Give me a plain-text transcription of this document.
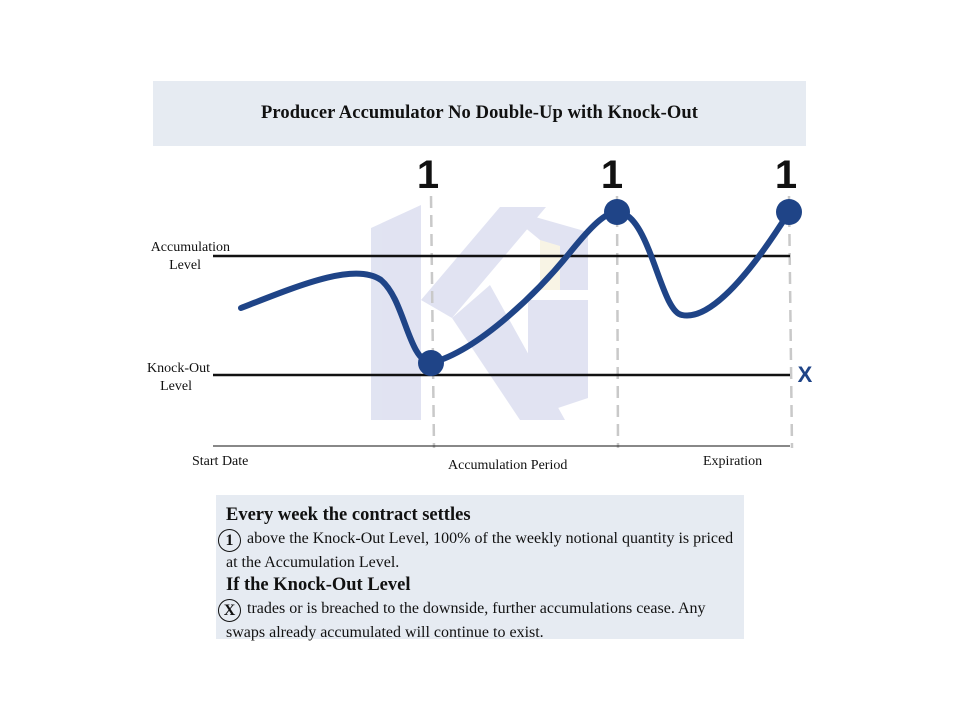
Producer Accumulator No Double-Up with Knock-Out
1	1	1
X
Accumulation
Level
Knock-Out
Level
Start Date	Accumulation Period	Expiration
Every week the contract settles

1 above the Knock-Out Level, 100% of the weekly notional quantity is priced at the Accumulation Level.

If the Knock-Out Level

X trades or is breached to the downside, further accumulations cease. Any swaps already accumulated will continue to exist.
